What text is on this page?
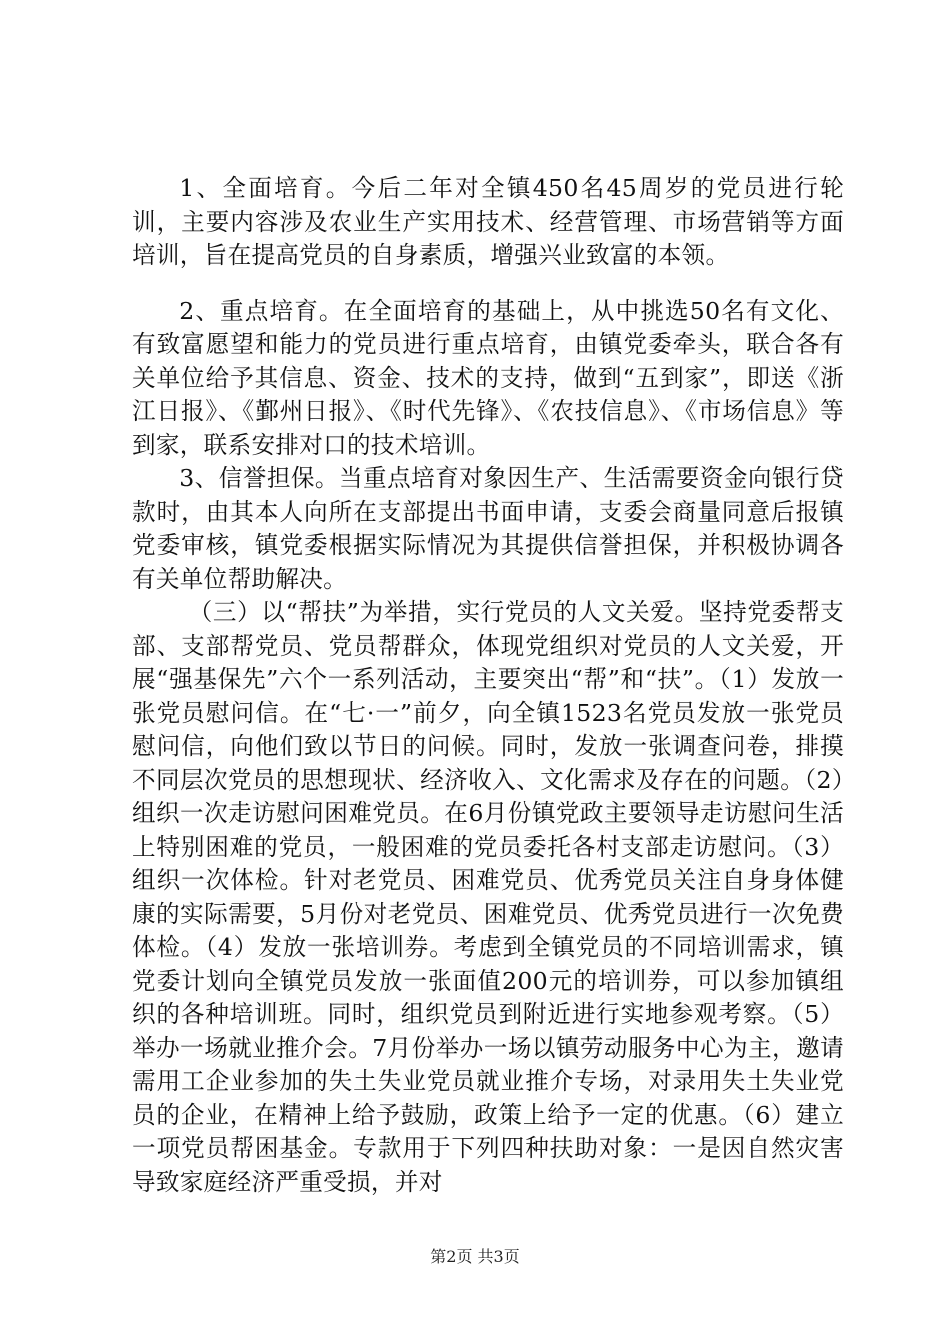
1、全面培育。今后二年对全镇450名45周岁的党员进行轮训，主要内容涉及农业生产实用技术、经营管理、市场营销等方面培训，旨在提高党员的自身素质，增强兴业致富的本领。

2、重点培育。在全面培育的基础上，从中挑选50名有文化、有致富愿望和能力的党员进行重点培育，由镇党委牵头，联合各有关单位给予其信息、资金、技术的支持，做到“五到家”，即送《浙江日报》、《鄞州日报》、《时代先锋》、《农技信息》、《市场信息》等到家，联系安排对口的技术培训。

3、信誉担保。当重点培育对象因生产、生活需要资金向银行贷款时，由其本人向所在支部提出书面申请，支委会商量同意后报镇党委审核，镇党委根据实际情况为其提供信誉担保，并积极协调各有关单位帮助解决。

（三）以“帮扶”为举措，实行党员的人文关爱。坚持党委帮支部、支部帮党员、党员帮群众，体现党组织对党员的人文关爱，开展“强基保先”六个一系列活动，主要突出“帮”和“扶”。（1）发放一张党员慰问信。在“七·一”前夕，向全镇1523名党员发放一张党员慰问信，向他们致以节日的问候。同时，发放一张调查问卷，排摸不同层次党员的思想现状、经济收入、文化需求及存在的问题。（2）组织一次走访慰问困难党员。在6月份镇党政主要领导走访慰问生活上特别困难的党员，一般困难的党员委托各村支部走访慰问。（3）组织一次体检。针对老党员、困难党员、优秀党员关注自身身体健康的实际需要，5月份对老党员、困难党员、优秀党员进行一次免费体检。（4）发放一张培训券。考虑到全镇党员的不同培训需求，镇党委计划向全镇党员发放一张面值200元的培训券，可以参加镇组织的各种培训班。同时，组织党员到附近进行实地参观考察。（5）举办一场就业推介会。7月份举办一场以镇劳动服务中心为主，邀请需用工企业参加的失土失业党员就业推介专场，对录用失土失业党员的企业，在精神上给予鼓励，政策上给予一定的优惠。（6）建立一项党员帮困基金。专款用于下列四种扶助对象：一是因自然灾害导致家庭经济严重受损，并对

第2页 共3页
